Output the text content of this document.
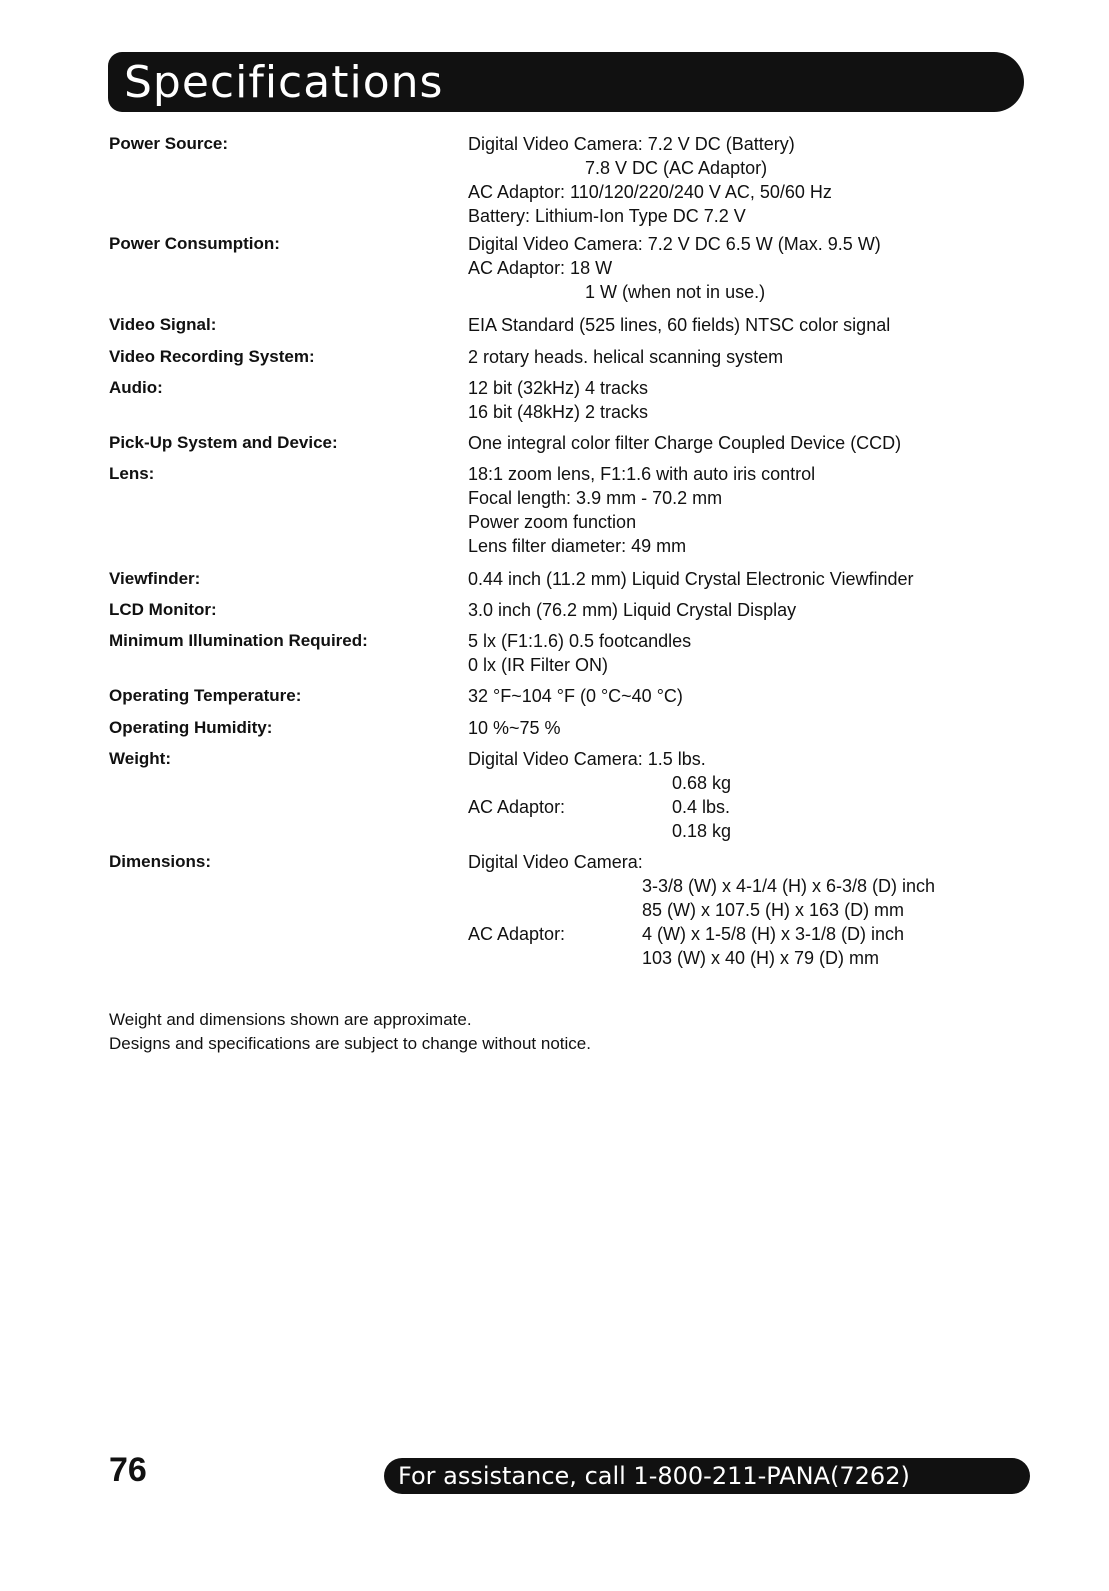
Specifications
Power Source:	Digital Video Camera: 7.2 V DC (Battery)
7.8 V DC (AC Adaptor)
AC Adaptor: 110/120/220/240 V AC, 50/60 Hz
Battery: Lithium-Ion Type DC 7.2 V
Power Consumption:	Digital Video Camera: 7.2 V DC 6.5 W (Max. 9.5 W)
AC Adaptor: 18 W
1 W (when not in use.)
Video Signal:	EIA Standard (525 lines, 60 fields) NTSC color signal
Video Recording System:	2 rotary heads. helical scanning system
Audio:	12 bit (32kHz) 4 tracks
16 bit (48kHz) 2 tracks
Pick-Up System and Device:	One integral color filter Charge Coupled Device (CCD)
Lens:	18:1 zoom lens, F1:1.6 with auto iris control
Focal length: 3.9 mm - 70.2 mm
Power zoom function
Lens filter diameter: 49 mm
Viewfinder:	0.44 inch (11.2 mm) Liquid Crystal Electronic Viewfinder
LCD Monitor:	3.0 inch (76.2 mm) Liquid Crystal Display
Minimum Illumination Required:	5 lx (F1:1.6) 0.5 footcandles
0 lx (IR Filter ON)
Operating Temperature:	32 °F~104 °F (0 °C~40 °C)
Operating Humidity:	10 %~75 %
Weight:	Digital Video Camera: 1.5 lbs.
0.68 kg
AC Adaptor:	0.4 lbs.
0.18 kg
Dimensions:	Digital Video Camera:
3-3/8 (W) x 4-1/4 (H) x 6-3/8 (D) inch
85 (W) x 107.5 (H) x 163 (D) mm
AC Adaptor:	4 (W) x 1-5/8 (H) x 3-1/8 (D) inch
103 (W) x 40 (H) x 79 (D) mm
Weight and dimensions shown are approximate.
Designs and specifications are subject to change without notice.
76	For assistance, call 1-800-211-PANA(7262)
